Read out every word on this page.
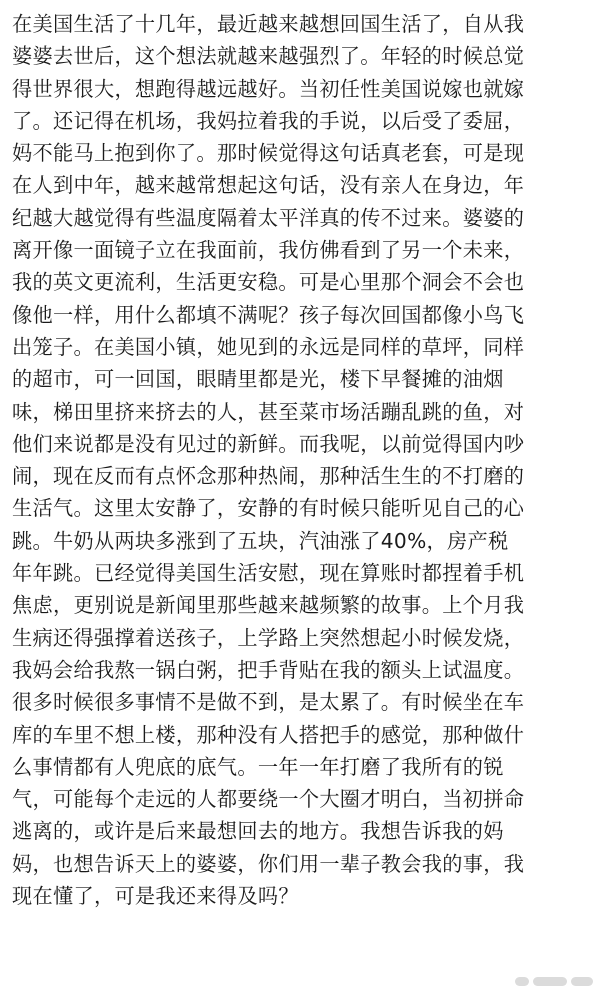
在美国生活了十几年，最近越来越想回国生活了，自从我
婆婆去世后，这个想法就越来越强烈了。年轻的时候总觉
得世界很大，想跑得越远越好。当初任性美国说嫁也就嫁
了。还记得在机场，我妈拉着我的手说，以后受了委屈，
妈不能马上抱到你了。那时候觉得这句话真老套，可是现
在人到中年，越来越常想起这句话，没有亲人在身边，年
纪越大越觉得有些温度隔着太平洋真的传不过来。婆婆的
离开像一面镜子立在我面前，我仿佛看到了另一个未来，
我的英文更流利，生活更安稳。可是心里那个洞会不会也
像他一样，用什么都填不满呢？孩子每次回国都像小鸟飞
出笼子。在美国小镇，她见到的永远是同样的草坪，同样
的超市，可一回国，眼睛里都是光，楼下早餐摊的油烟
味，梯田里挤来挤去的人，甚至菜市场活蹦乱跳的鱼，对
他们来说都是没有见过的新鲜。而我呢，以前觉得国内吵
闹，现在反而有点怀念那种热闹，那种活生生的不打磨的
生活气。这里太安静了，安静的有时候只能听见自己的心
跳。牛奶从两块多涨到了五块，汽油涨了40%，房产税
年年跳。已经觉得美国生活安慰，现在算账时都捏着手机
焦虑，更别说是新闻里那些越来越频繁的故事。上个月我
生病还得强撑着送孩子，上学路上突然想起小时候发烧，
我妈会给我熬一锅白粥，把手背贴在我的额头上试温度。
很多时候很多事情不是做不到，是太累了。有时候坐在车
库的车里不想上楼，那种没有人搭把手的感觉，那种做什
么事情都有人兜底的底气。一年一年打磨了我所有的锐
气，可能每个走远的人都要绕一个大圈才明白，当初拼命
逃离的，或许是后来最想回去的地方。我想告诉我的妈
妈，也想告诉天上的婆婆，你们用一辈子教会我的事，我
现在懂了，可是我还来得及吗？
